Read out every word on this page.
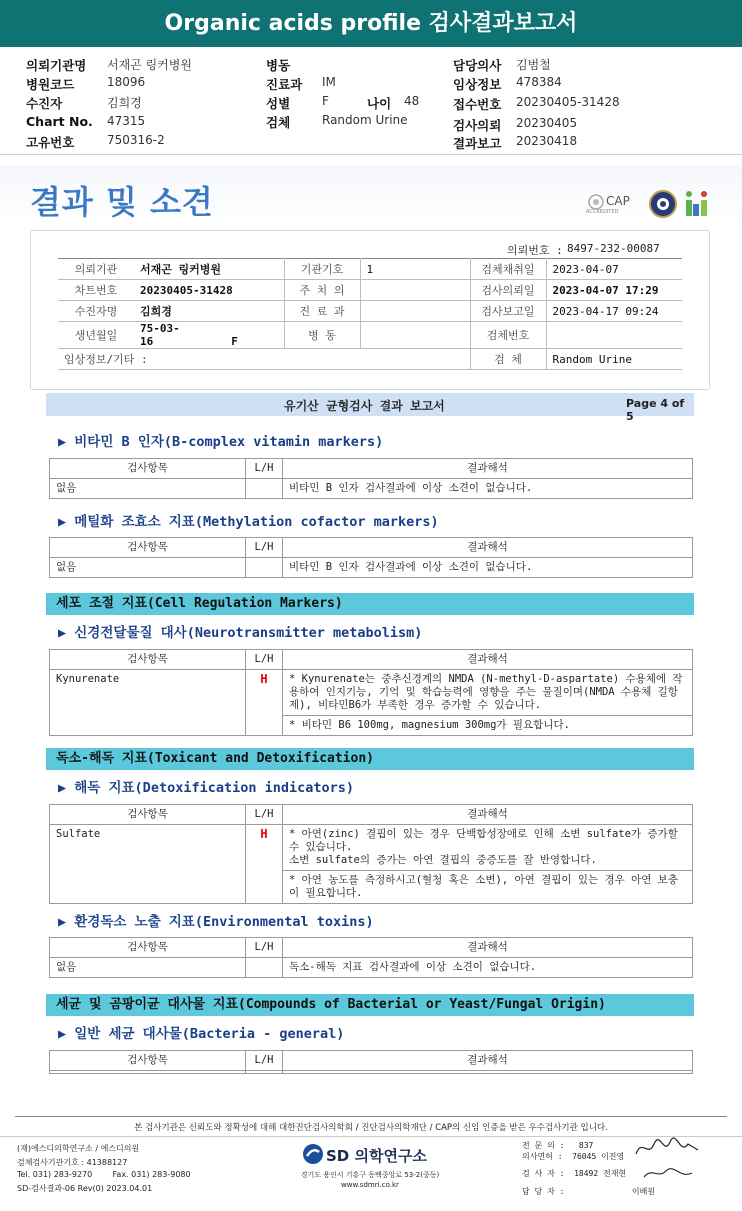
Organic acids profile 검사결과보고서
의뢰기관명 서재곤 링커병원
병원코드	18096
수진자	김희경
Chart No. 47315
고유번호	750316-2
병동
진료과 IM
성별	F	나이 48
검체	Random Urine
담당의사 김범철
임상정보 478384
접수번호 20230405-31428
검사의뢰 20230405
결과보고 20230418
결과 및 소견	CAP
ACCREDITED
의뢰번호 : 8497-232-00087
의뢰기관	서재곤 링커병원	기관기호	1	검체채취일	2023-04-07
차트번호	20230405-31428	주 치 의		검사의뢰일	2023-04-07 17:29
수진자명	김희경	진 료 과		검사보고일	2023-04-17 09:24
생년월일	75-03-16 F	병 동		검체번호	
임상정보/기타 :				검 체	Random Urine
유기산 균형검사 결과 보고서	Page 4 of 5
▶ 비타민 B 인자(B-complex vitamin markers)
검사항목	L/H	결과해석
없음		비타민 B 인자 검사결과에 이상 소견이 없습니다.
▶ 메틸화 조효소 지표(Methylation cofactor markers)
검사항목	L/H	결과해석
없음		비타민 B 인자 검사결과에 이상 소견이 없습니다.
세포 조절 지표(Cell Regulation Markers)
▶ 신경전달물질 대사(Neurotransmitter metabolism)
검사항목	L/H	결과해석
Kynurenate	H	* Kynurenate는 중추신경계의 NMDA (N-methyl-D-aspartate) 수용체에 작용하여 인지기능, 기억 및 학습능력에 영향을 주는 물질이며(NMDA 수용체 길항제), 비타민B6가 부족한 경우 증가할 수 있습니다.
		* 비타민 B6 100mg, magnesium 300mg가 필요합니다.
독소-해독 지표(Toxicant and Detoxification)
▶ 해독 지표(Detoxification indicators)
검사항목	L/H	결과해석
Sulfate	H	* 아연(zinc) 결핍이 있는 경우 단백합성장애로 인해 소변 sulfate가 증가할 수 있습니다.
소변 sulfate의 증가는 아연 결핍의 중증도를 잘 반영합니다.

		* 아연 농도를 측정하시고(혈청 혹은 소변), 아연 결핍이 있는 경우 아연 보충이 필요합니다.
▶ 환경독소 노출 지표(Environmental toxins)
검사항목	L/H	결과해석
없음		독소-해독 지표 검사결과에 이상 소견이 없습니다.
세균 및 곰팡이균 대사물 지표(Compounds of Bacterial or Yeast/Fungal Origin)
▶ 일반 세균 대사물(Bacteria - general)
검사항목	L/H	결과해석

본 검사기관은 신뢰도와 정확성에 대해 대한진단검사의학회 / 진단검사의학재단 / CAP의 신임 인증을 받은 우수검사기관 입니다.
(재)에스디의학연구소 / 에스디의원
검체검사기관기호 : 41388127
Tel. 031) 283-9270        Fax. 031) 283-9080
SD-검사결과-06 Rev(0) 2023.04.01
SD 의학연구소
경기도 용인시 기흥구 동백중앙로 53-2(중동)
www.sdmri.co.kr
전 문 의 :   837
의사면허 :  76045 이진영
검 사 자 :  18492 전재현
담 당 자 :              이배원
